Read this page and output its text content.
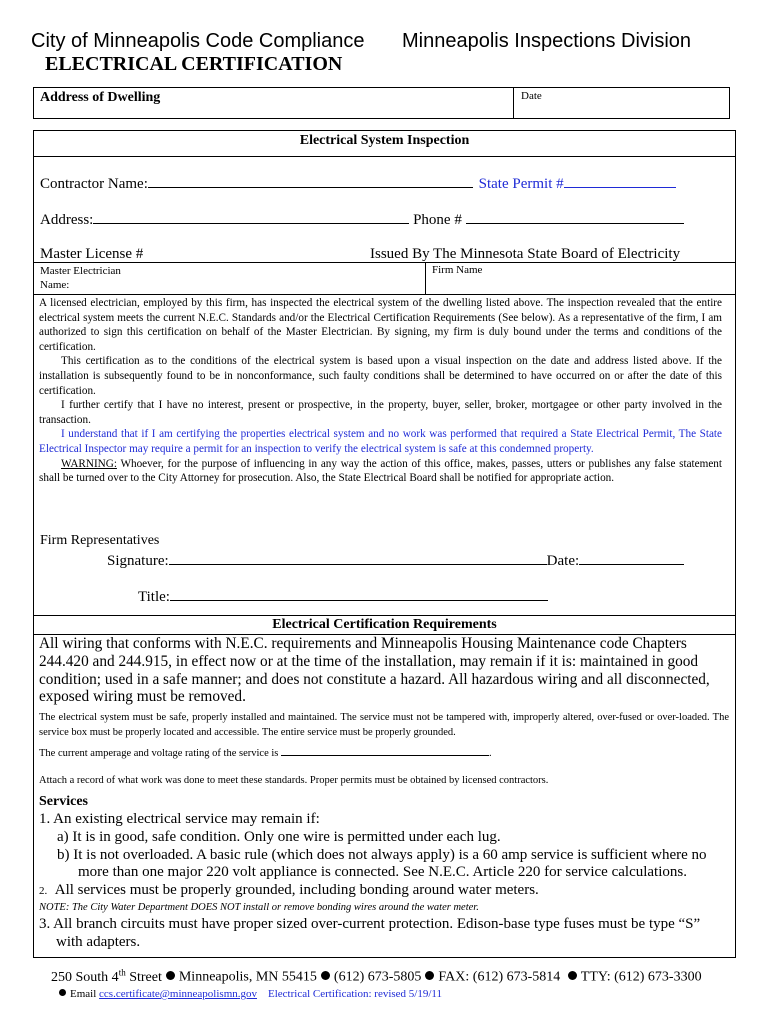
City of Minneapolis Code Compliance Minneapolis Inspections Division
ELECTRICAL CERTIFICATION
Address of Dwelling	Date
Electrical System Inspection
Contractor Name:	State Permit #
Address:	Phone #
Master License #	Issued By The Minnesota State Board of Electricity
Master Electrician
Name:
Firm Name

A licensed electrician, employed by this firm, has inspected the electrical system of the dwelling listed above. The inspection revealed that the entire electrical system meets the current N.E.C. Standards and/or the Electrical Certification Requirements (See below). As a representative of the firm, I am authorized to sign this certification on behalf of the Master Electrician. By signing, my firm is duly bound under the terms and conditions of the certification.

This certification as to the conditions of the electrical system is based upon a visual inspection on the date and address listed above. If the installation is subsequently found to be in nonconformance, such faulty conditions shall be determined to have occurred on or after the date of this certification.

I further certify that I have no interest, present or prospective, in the property, buyer, seller, broker, mortgagee or other party involved in the transaction.

I understand that if I am certifying the properties electrical system and no work was performed that required a State Electrical Permit, The State Electrical Inspector may require a permit for an inspection to verify the electrical system is safe at this condemned property.

WARNING: Whoever, for the purpose of influencing in any way the action of this office, makes, passes, utters or publishes any false statement shall be turned over to the City Attorney for prosecution. Also, the State Electrical Board shall be notified for appropriate action.

Firm Representatives
Signature:	Date:
Title:
Electrical Certification Requirements
All wiring that conforms with N.E.C. requirements and Minneapolis Housing Maintenance code Chapters 244.420 and 244.915, in effect now or at the time of the installation, may remain if it is: maintained in good condition; used in a safe manner; and does not constitute a hazard. All hazardous wiring and all disconnected, exposed wiring must be removed.
The electrical system must be safe, properly installed and maintained. The service must not be tampered with, improperly altered, over-fused or over-loaded. The service box must be properly located and accessible. The entire service must be properly grounded.
The current amperage and voltage rating of the service is	.
Attach a record of what work was done to meet these standards. Proper permits must be obtained by licensed contractors.
Services
1. An existing electrical service may remain if:
a) It is in good, safe condition. Only one wire is permitted under each lug.
b) It is not overloaded. A basic rule (which does not always apply) is a 60 amp service is sufficient where no
more than one major 220 volt appliance is connected. See N.E.C. Article 220 for service calculations.
2. All services must be properly grounded, including bonding around water meters.
NOTE: The City Water Department DOES NOT install or remove bonding wires around the water meter.
3. All branch circuits must have proper sized over-current protection. Edison-base type fuses must be type “S”
with adapters.
250 South 4th Street Minneapolis, MN 55415 (612) 673-5805 FAX: (612) 673-5814 TTY: (612) 673-3300
Email ccs.certificate@minneapolismn.gov Electrical Certification: revised 5/19/11
